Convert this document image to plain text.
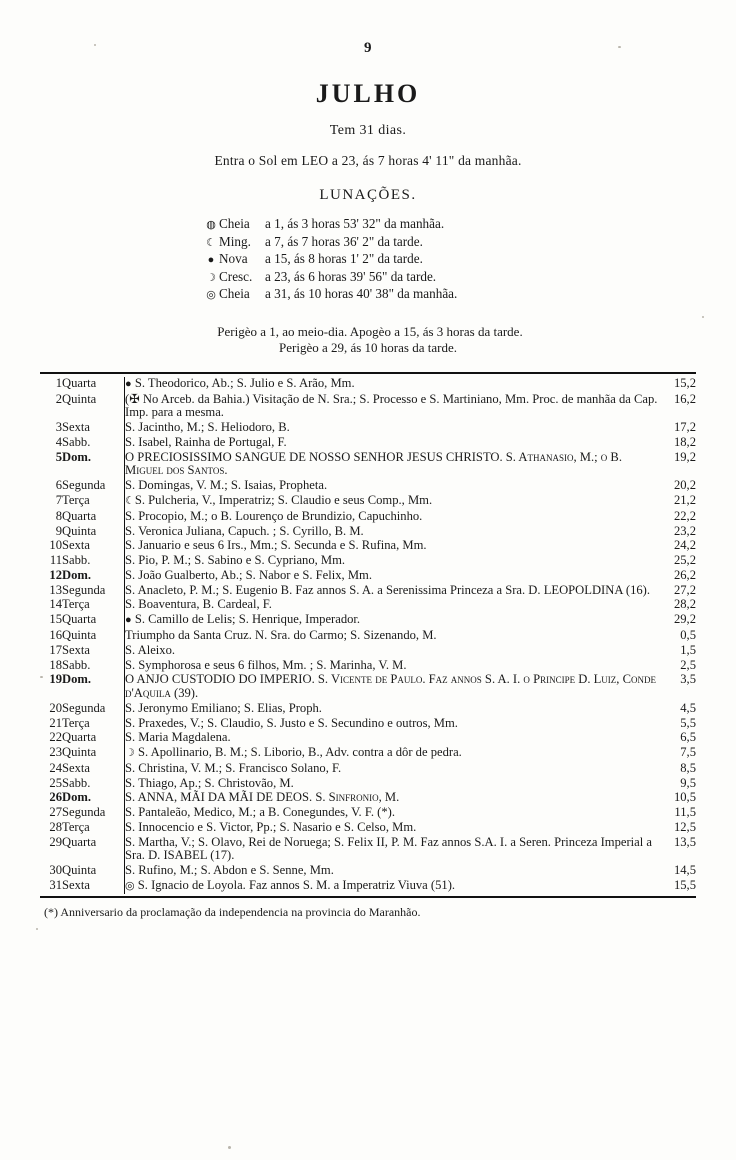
9
JULHO
Tem 31 dias.
Entra o Sol em LEO a 23, ás 7 horas 4' 11" da manhãa.
LUNAÇÕES.
◍ Cheia	a 1, ás 3 horas 53' 32" da manhãa.
☾ Ming.	a 7, ás 7 horas 36' 2" da tarde.
● Nova	a 15, ás 8 horas 1' 2" da tarde.
☽ Cresc. a 23, ás 6 horas 39' 56" da tarde.
◎ Cheia	a 31, ás 10 horas 40' 38" da manhãa.
Perigèo a 1, ao meio-dia. Apogèo a 15, ás 3 horas da tarde.
Perigèo a 29, ás 10 horas da tarde.
1	Quarta	● S. Theodorico, Ab.; S. Julio e S. Arão, Mm.	15,2
2	Quinta	(✠ No Arceb. da Bahia.) Visitação de N. Sra.; S. Processo e S. Martiniano, Mm. Proc. de manhãa da Cap. Imp. para a mesma.	16,2
3	Sexta	S. Jacintho, M.; S. Heliodoro, B.	17,2
4	Sabb.	S. Isabel, Rainha de Portugal, F.	18,2
5	Dom.	O PRECIOSISSIMO SANGUE DE NOSSO SENHOR JESUS CHRISTO. S. Athanasio, M.; o B. Miguel dos Santos.	19,2
6	Segunda	S. Domingas, V. M.; S. Isaias, Propheta.	20,2
7	Terça	☾S. Pulcheria, V., Imperatriz; S. Claudio e seus Comp., Mm.	21,2
8	Quarta	S. Procopio, M.; o B. Lourenço de Brundizio, Capuchinho.	22,2
9	Quinta	S. Veronica Juliana, Capuch. ; S. Cyrillo, B. M.	23,2
10	Sexta	S. Januario e seus 6 Irs., Mm.; S. Secunda e S. Rufina, Mm.	24,2
11	Sabb.	S. Pio, P. M.; S. Sabino e S. Cypriano, Mm.	25,2
12	Dom.	S. João Gualberto, Ab.; S. Nabor e S. Felix, Mm.	26,2
13	Segunda	S. Anacleto, P. M.; S. Eugenio B. Faz annos S. A. a Serenissima Princeza a Sra. D. LEOPOLDINA (16).	27,2
14	Terça	S. Boaventura, B. Cardeal, F.	28,2
15	Quarta	● S. Camillo de Lelis; S. Henrique, Imperador.	29,2
16	Quinta	Triumpho da Santa Cruz. N. Sra. do Carmo; S. Sizenando, M.	0,5
17	Sexta	S. Aleixo.	1,5
18	Sabb.	S. Symphorosa e seus 6 filhos, Mm. ; S. Marinha, V. M.	2,5
19	Dom.	O ANJO CUSTODIO DO IMPERIO. S. Vicente de Paulo. Faz annos S. A. I. o Principe D. Luiz, Conde d'Aquila (39).	3,5
20	Segunda	S. Jeronymo Emiliano; S. Elias, Proph.	4,5
21	Terça	S. Praxedes, V.; S. Claudio, S. Justo e S. Secundino e outros, Mm.	5,5
22	Quarta	S. Maria Magdalena.	6,5
23	Quinta	☽ S. Apollinario, B. M.; S. Liborio, B., Adv. contra a dôr de pedra.	7,5
24	Sexta	S. Christina, V. M.; S. Francisco Solano, F.	8,5
25	Sabb.	S. Thiago, Ap.; S. Christovão, M.	9,5
26	Dom.	S. ANNA, MÃI DA MÃI DE DEOS. S. Sinfronio, M.	10,5
27	Segunda	S. Pantaleão, Medico, M.; a B. Conegundes, V. F. (*).	11,5
28	Terça	S. Innocencio e S. Victor, Pp.; S. Nasario e S. Celso, Mm.	12,5
29	Quarta	S. Martha, V.; S. Olavo, Rei de Noruega; S. Felix II, P. M. Faz annos S.A. I. a Seren. Princeza Imperial a Sra. D. ISABEL (17).	13,5
30	Quinta	S. Rufino, M.; S. Abdon e S. Senne, Mm.	14,5
31	Sexta	◎ S. Ignacio de Loyola. Faz annos S. M. a Imperatriz Viuva (51).	15,5
(*) Anniversario da proclamação da independencia na provincia do Maranhão.
